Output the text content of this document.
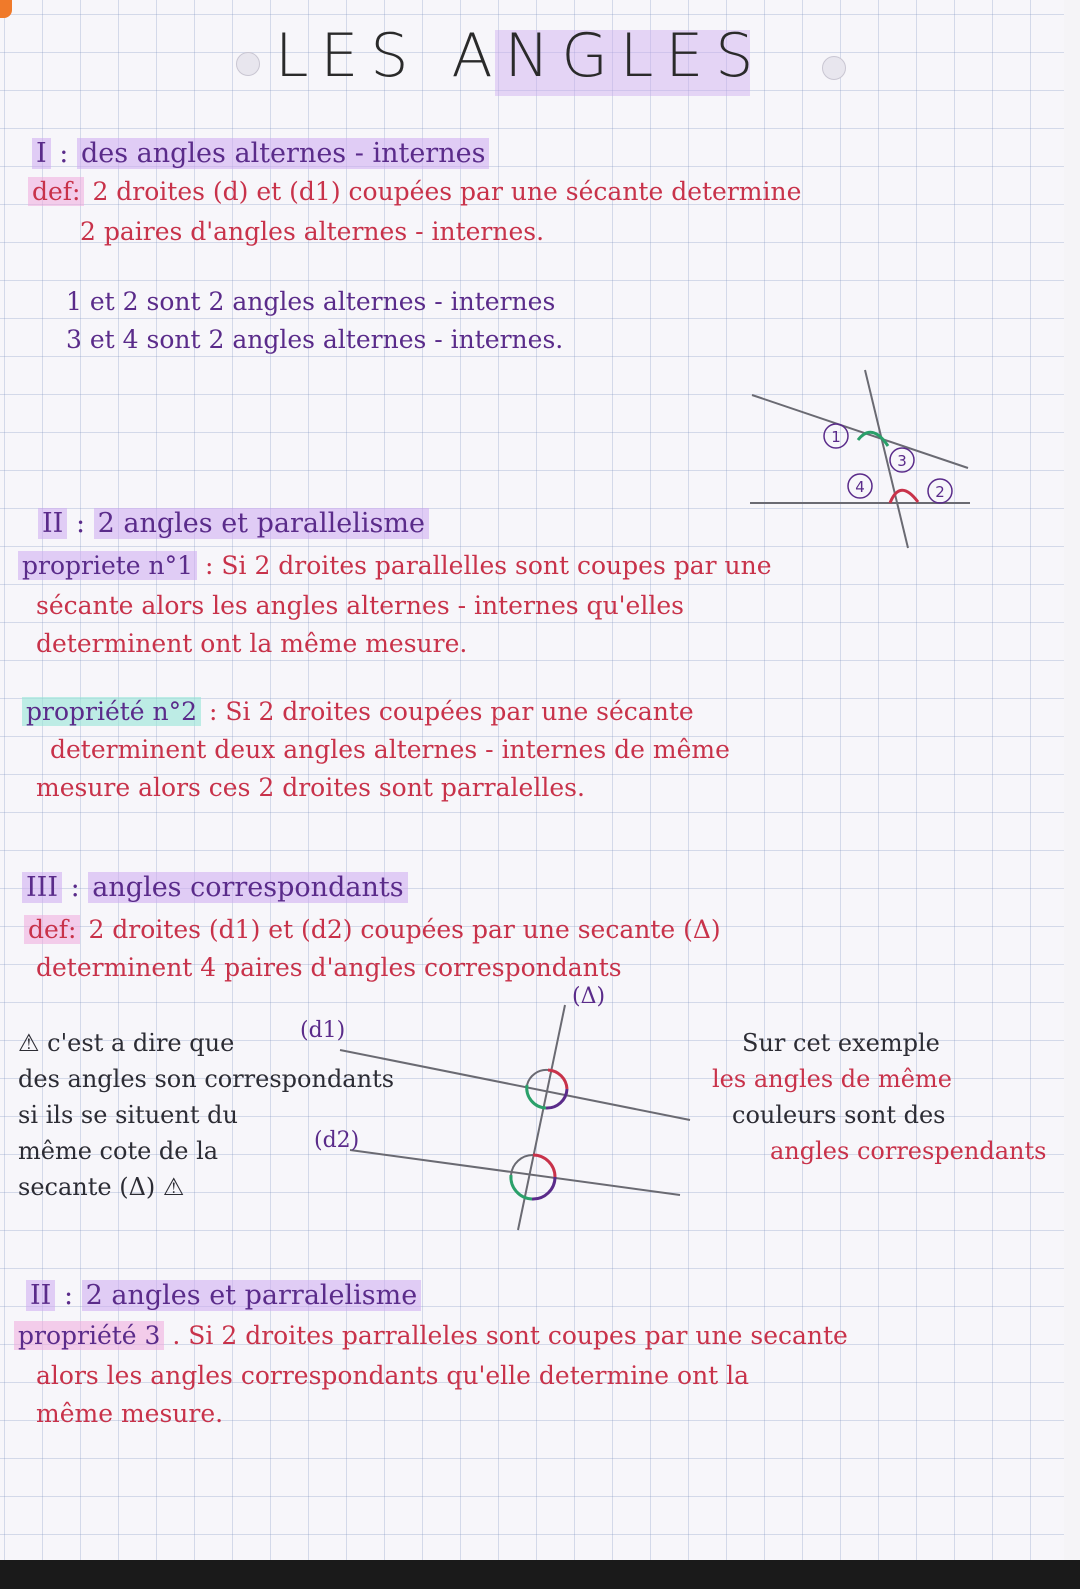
LES ANGLES

I : des angles alternes - internes

def: 2 droites (d) et (d1) coupées par une sécante determine

2 paires d'angles alternes - internes.

1 et 2 sont 2 angles alternes - internes

3 et 4 sont 2 angles alternes - internes.

1
3
4	2

II : 2 angles et parallelisme

propriete n°1 : Si 2 droites parallelles sont coupes par une

sécante alors les angles alternes - internes qu'elles

determinent ont la même mesure.

propriété n°2 : Si 2 droites coupées par une sécante

determinent deux angles alternes - internes de même

mesure alors ces 2 droites sont parralelles.

III : angles correspondants

def: 2 droites (d1) et (d2) coupées par une secante (Δ)

determinent 4 paires d'angles correspondants

⚠ c'est a dire que

des angles son correspondants

si ils se situent du

même cote de la

secante (Δ) ⚠

(Δ)
(d1)
(d2)

Sur cet exemple

les angles de même

couleurs sont des

angles correspendants

II : 2 angles et parralelisme

propriété 3 . Si 2 droites parralleles sont coupes par une secante

alors les angles correspondants qu'elle determine ont la

même mesure.
